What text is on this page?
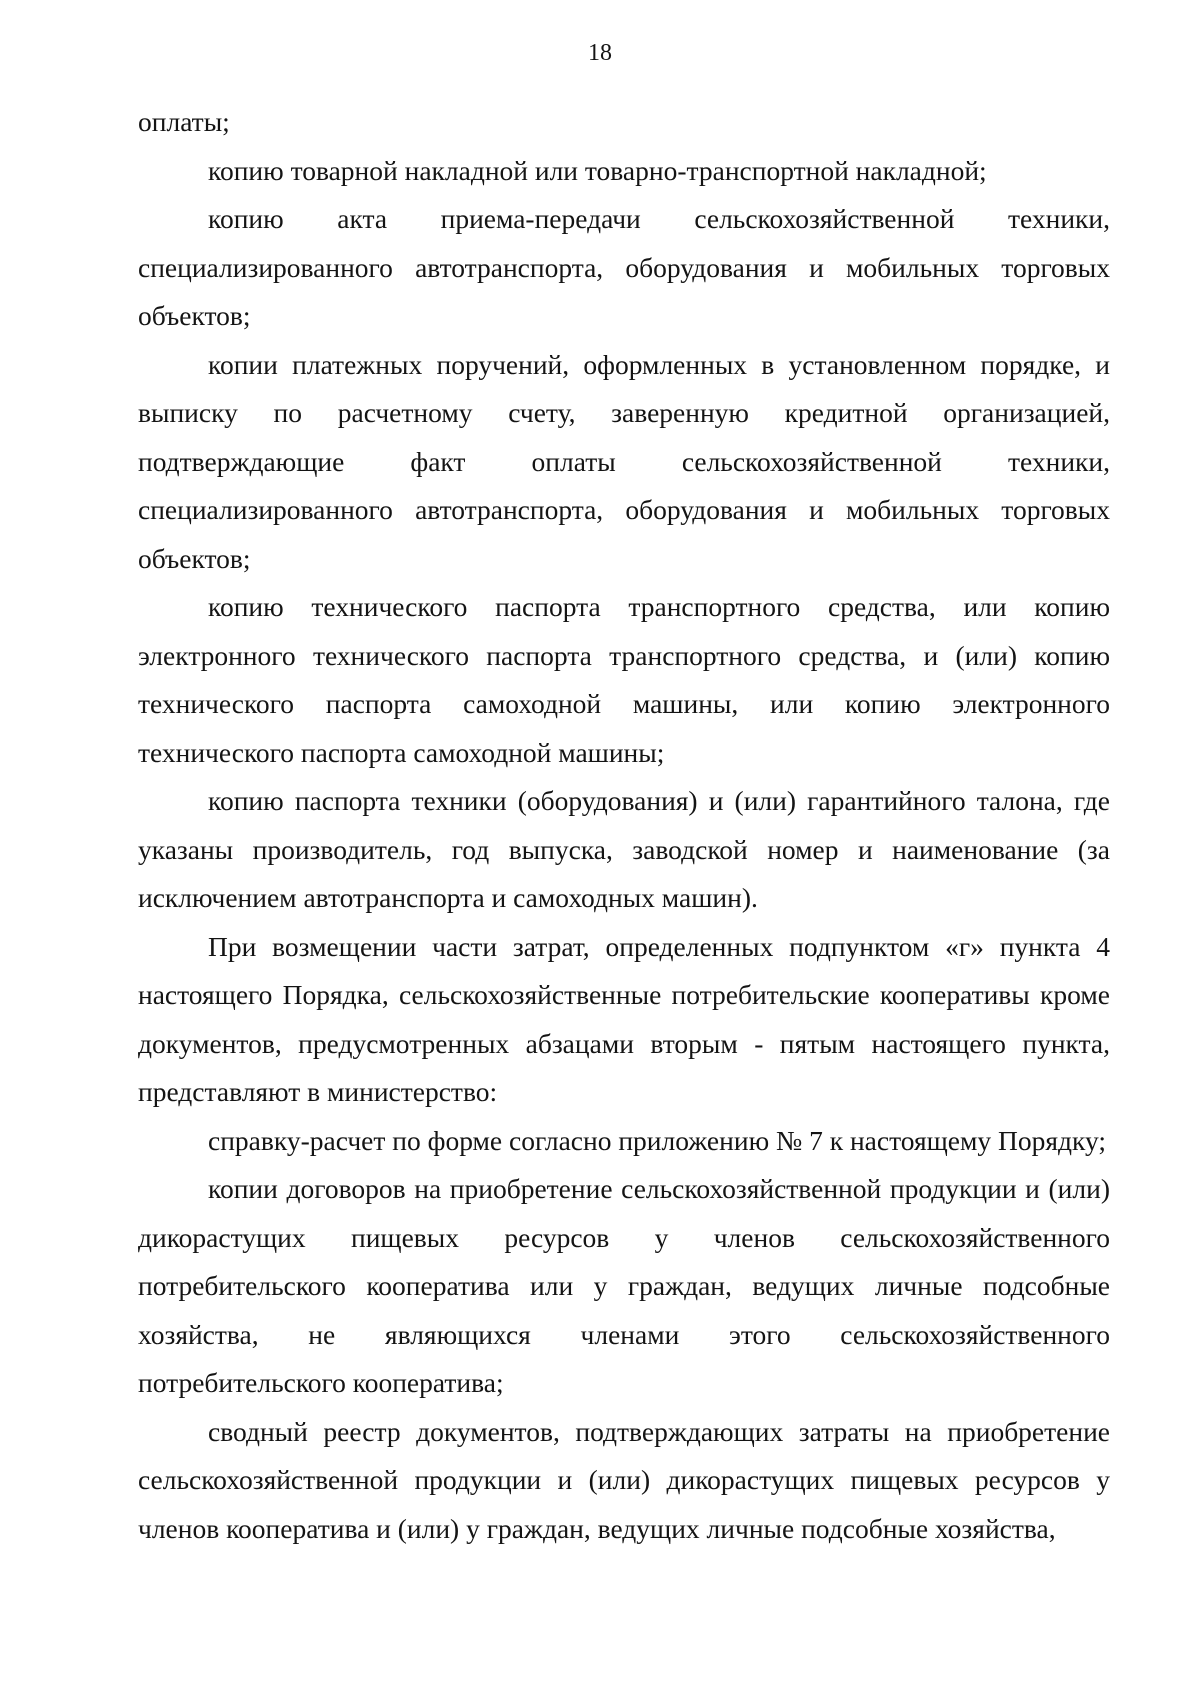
18

оплаты;

копию товарной накладной или товарно-транспортной накладной;

копию акта приема-передачи сельскохозяйственной техники, специализированного автотранспорта, оборудования и мобильных торговых объектов;

копии платежных поручений, оформленных в установленном порядке, и выписку по расчетному счету, заверенную кредитной организацией, подтверждающие факт оплаты сельскохозяйственной техники, специализированного автотранспорта, оборудования и мобильных торговых объектов;

копию технического паспорта транспортного средства, или копию электронного технического паспорта транспортного средства, и (или) копию технического паспорта самоходной машины, или копию электронного технического паспорта самоходной машины;

копию паспорта техники (оборудования) и (или) гарантийного талона, где указаны производитель, год выпуска, заводской номер и наименование (за исключением автотранспорта и самоходных машин).

При возмещении части затрат, определенных подпунктом «г» пункта 4 настоящего Порядка, сельскохозяйственные потребительские кооперативы кроме документов, предусмотренных абзацами вторым - пятым настоящего пункта, представляют в министерство:

справку-расчет по форме согласно приложению № 7 к настоящему Порядку;

копии договоров на приобретение сельскохозяйственной продукции и (или) дикорастущих пищевых ресурсов у членов сельскохозяйственного потребительского кооператива или у граждан, ведущих личные подсобные хозяйства, не являющихся членами этого сельскохозяйственного потребительского кооператива;

сводный реестр документов, подтверждающих затраты на приобретение сельскохозяйственной продукции и (или) дикорастущих пищевых ресурсов у членов кооператива и (или) у граждан, ведущих личные подсобные хозяйства,
